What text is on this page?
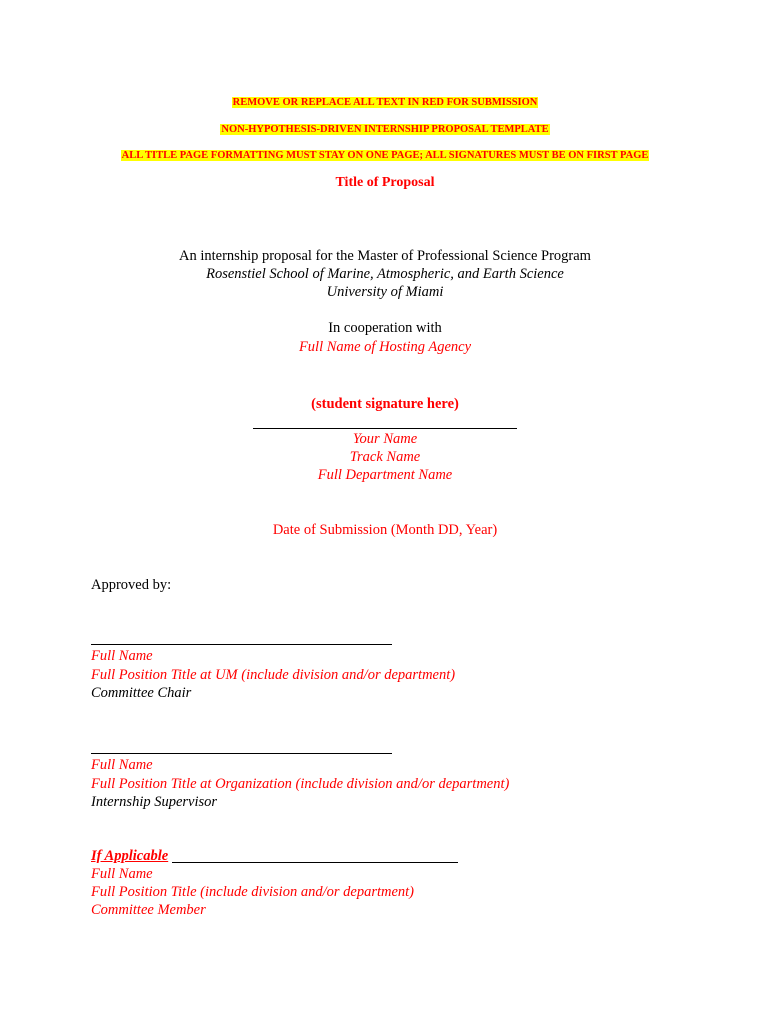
REMOVE OR REPLACE ALL TEXT IN RED FOR SUBMISSION
NON-HYPOTHESIS-DRIVEN INTERNSHIP PROPOSAL TEMPLATE
ALL TITLE PAGE FORMATTING MUST STAY ON ONE PAGE; ALL SIGNATURES MUST BE ON FIRST PAGE
Title of Proposal
An internship proposal for the Master of Professional Science Program
Rosenstiel School of Marine, Atmospheric, and Earth Science
University of Miami
In cooperation with
Full Name of Hosting Agency
(student signature here)
Your Name
Track Name
Full Department Name
Date of Submission (Month DD, Year)
Approved by:
Full Name
Full Position Title at UM (include division and/or department)
Committee Chair
Full Name
Full Position Title at Organization (include division and/or department)
Internship Supervisor
If Applicable
Full Name
Full Position Title (include division and/or department)
Committee Member
